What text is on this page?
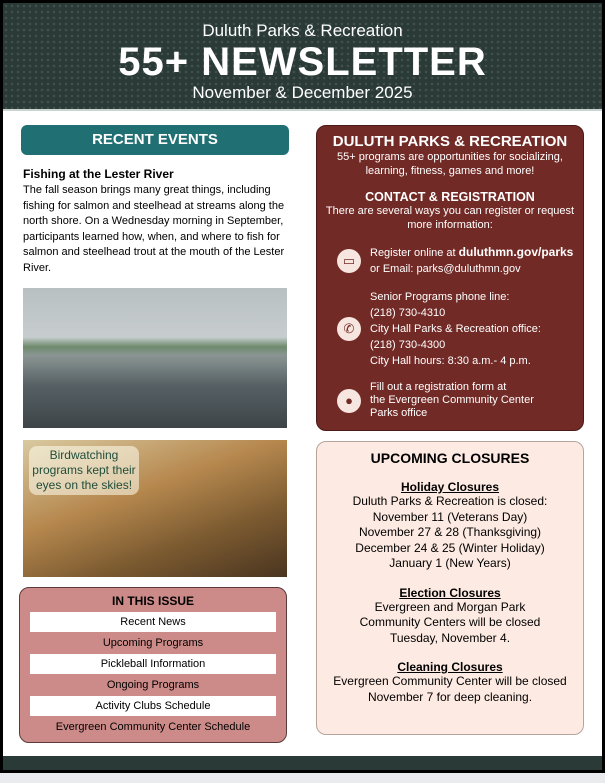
Duluth Parks & Recreation
55+ NEWSLETTER
November & December 2025
RECENT EVENTS
Fishing at the Lester River
The fall season brings many great things, including fishing for salmon and steelhead at streams along the north shore. On a Wednesday morning in September, participants learned how, when, and where to fish for salmon and steelhead trout at the mouth of the Lester River.
Birdwatching programs kept their eyes on the skies!
IN THIS ISSUE
Recent News
Upcoming Programs
Pickleball Information
Ongoing Programs
Activity Clubs Schedule
Evergreen Community Center Schedule
DULUTH PARKS & RECREATION
55+ programs are opportunities for socializing, learning, fitness, games and more!
CONTACT & REGISTRATION
There are several ways you can register or request more information:
▭	Register online at duluthmn.gov/parks
or Email: parks@duluthmn.gov
✆
Senior Programs phone line:
(218) 730-4310
City Hall Parks & Recreation office:
(218) 730-4300
City Hall hours: 8:30 a.m.- 4 p.m.
●
Fill out a registration form at
the Evergreen Community Center
Parks office
UPCOMING CLOSURES
Holiday Closures
Duluth Parks & Recreation is closed:
November 11 (Veterans Day)
November 27 & 28 (Thanksgiving)
December 24 & 25 (Winter Holiday)
January 1 (New Years)
Election Closures
Evergreen and Morgan Park
Community Centers will be closed
Tuesday, November 4.
Cleaning Closures
Evergreen Community Center will be closed
November 7 for deep cleaning.
